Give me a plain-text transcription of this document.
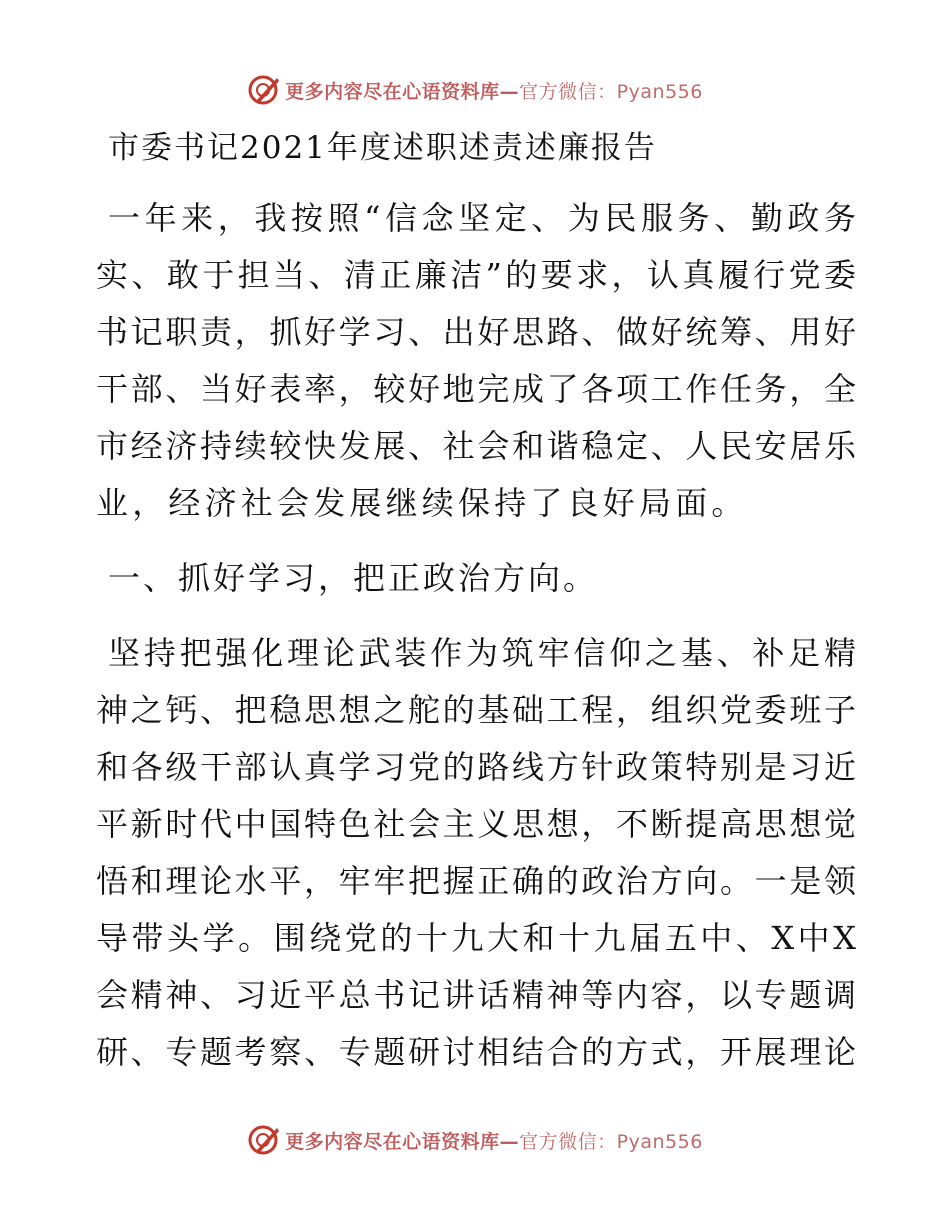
更多内容尽在心语资料库—官方微信：Pyan556
市委书记2021年度述职述责述廉报告
一年来，我按照“信念坚定、为民服务、勤政务
实、敢于担当、清正廉洁”的要求，认真履行党委
书记职责，抓好学习、出好思路、做好统筹、用好
干部、当好表率，较好地完成了各项工作任务，全
市经济持续较快发展、社会和谐稳定、人民安居乐
业，经济社会发展继续保持了良好局面。
一、抓好学习，把正政治方向。
坚持把强化理论武装作为筑牢信仰之基、补足精
神之钙、把稳思想之舵的基础工程，组织党委班子
和各级干部认真学习党的路线方针政策特别是习近
平新时代中国特色社会主义思想，不断提高思想觉
悟和理论水平，牢牢把握正确的政治方向。一是领
导带头学。围绕党的十九大和十九届五中、X中X
会精神、习近平总书记讲话精神等内容，以专题调
研、专题考察、专题研讨相结合的方式，开展理论
更多内容尽在心语资料库—官方微信：Pyan556
